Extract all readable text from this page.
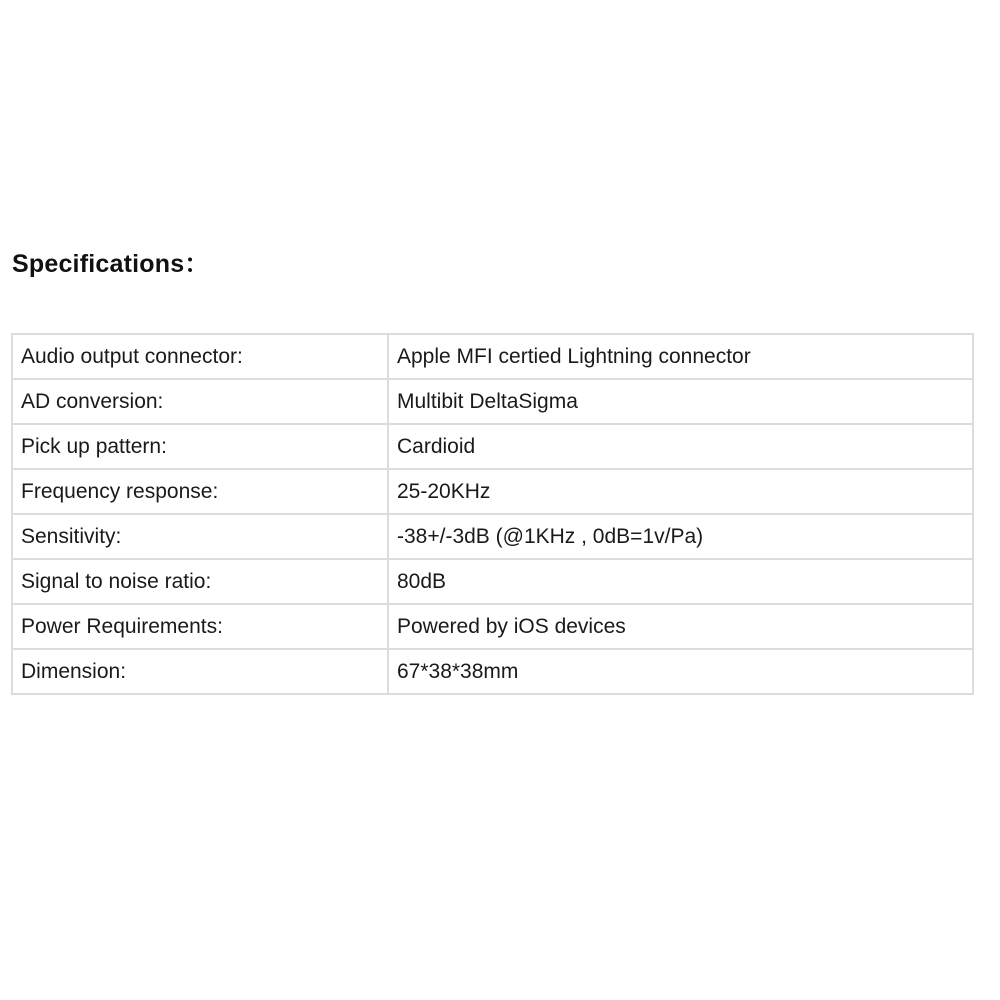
Specifications：
Audio output connector:	Apple MFI certied Lightning connector
AD conversion:	Multibit DeltaSigma
Pick up pattern:	Cardioid
Frequency response:	25-20KHz
Sensitivity:	-38+/-3dB (@1KHz , 0dB=1v/Pa)
Signal to noise ratio:	80dB
Power Requirements:	Powered by iOS devices
Dimension:	67*38*38mm
